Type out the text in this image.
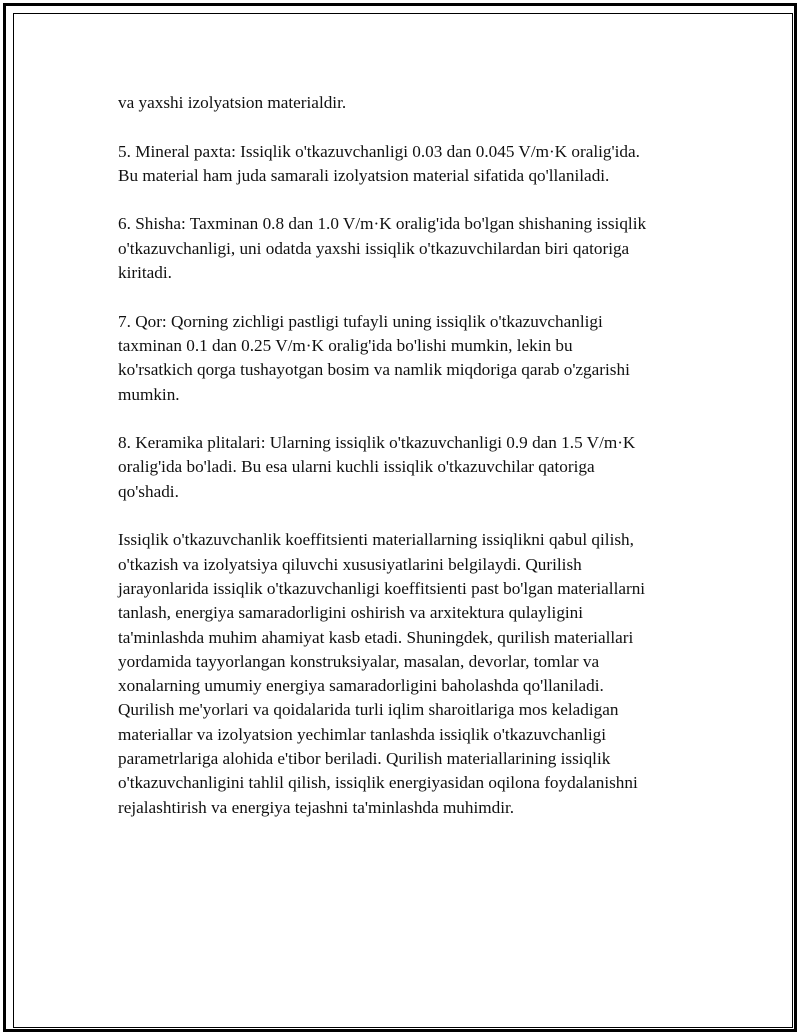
va yaxshi izolyatsion materialdir.

5. Mineral paxta: Issiqlik o'tkazuvchanligi 0.03 dan 0.045 V/m·K oralig'ida.
Bu material ham juda samarali izolyatsion material sifatida qo'llaniladi.

6. Shisha: Taxminan 0.8 dan 1.0 V/m·K oralig'ida bo'lgan shishaning issiqlik
o'tkazuvchanligi, uni odatda yaxshi issiqlik o'tkazuvchilardan biri qatoriga
kiritadi.

7. Qor: Qorning zichligi pastligi tufayli uning issiqlik o'tkazuvchanligi
taxminan 0.1 dan 0.25 V/m·K oralig'ida bo'lishi mumkin, lekin bu
ko'rsatkich qorga tushayotgan bosim va namlik miqdoriga qarab o'zgarishi
mumkin.

8. Keramika plitalari: Ularning issiqlik o'tkazuvchanligi 0.9 dan 1.5 V/m·K
oralig'ida bo'ladi. Bu esa ularni kuchli issiqlik o'tkazuvchilar qatoriga
qo'shadi.

Issiqlik o'tkazuvchanlik koeffitsienti materiallarning issiqlikni qabul qilish,
o'tkazish va izolyatsiya qiluvchi xususiyatlarini belgilaydi. Qurilish
jarayonlarida issiqlik o'tkazuvchanligi koeffitsienti past bo'lgan materiallarni
tanlash, energiya samaradorligini oshirish va arxitektura qulayligini
ta'minlashda muhim ahamiyat kasb etadi. Shuningdek, qurilish materiallari
yordamida tayyorlangan konstruksiyalar, masalan, devorlar, tomlar va
xonalarning umumiy energiya samaradorligini baholashda qo'llaniladi.
Qurilish me'yorlari va qoidalarida turli iqlim sharoitlariga mos keladigan
materiallar va izolyatsion yechimlar tanlashda issiqlik o'tkazuvchanligi
parametrlariga alohida e'tibor beriladi. Qurilish materiallarining issiqlik
o'tkazuvchanligini tahlil qilish, issiqlik energiyasidan oqilona foydalanishni
rejalashtirish va energiya tejashni ta'minlashda muhimdir.
